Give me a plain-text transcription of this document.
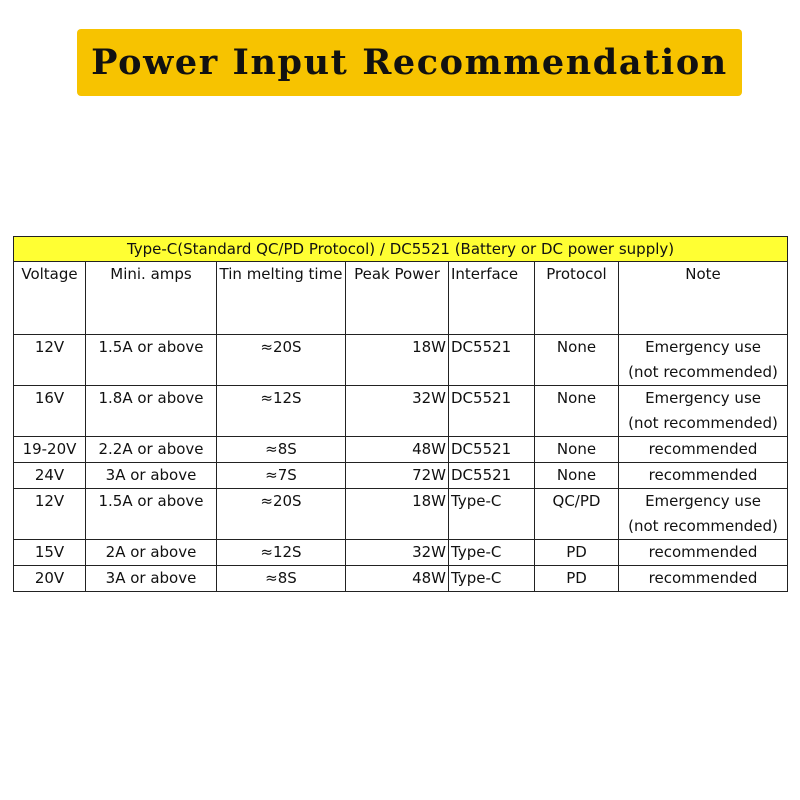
Power Input Recommendation
Type-C(Standard QC/PD Protocol) / DC5521 (Battery or DC power supply)						
Voltage	Mini. amps	Tin melting time	Peak Power	Interface	Protocol	Note
12V	1.5A or above	≈20S	18W	DC5521	None	Emergency use
(not recommended)

16V	1.8A or above	≈12S	32W	DC5521	None	Emergency use
(not recommended)

19-20V	2.2A or above	≈8S	48W	DC5521	None	recommended

24V	3A or above	≈7S	72W	DC5521	None	recommended

12V	1.5A or above	≈20S	18W	Type-C	QC/PD	Emergency use
(not recommended)

15V	2A or above	≈12S	32W	Type-C	PD	recommended

20V	3A or above	≈8S	48W	Type-C	PD	recommended
